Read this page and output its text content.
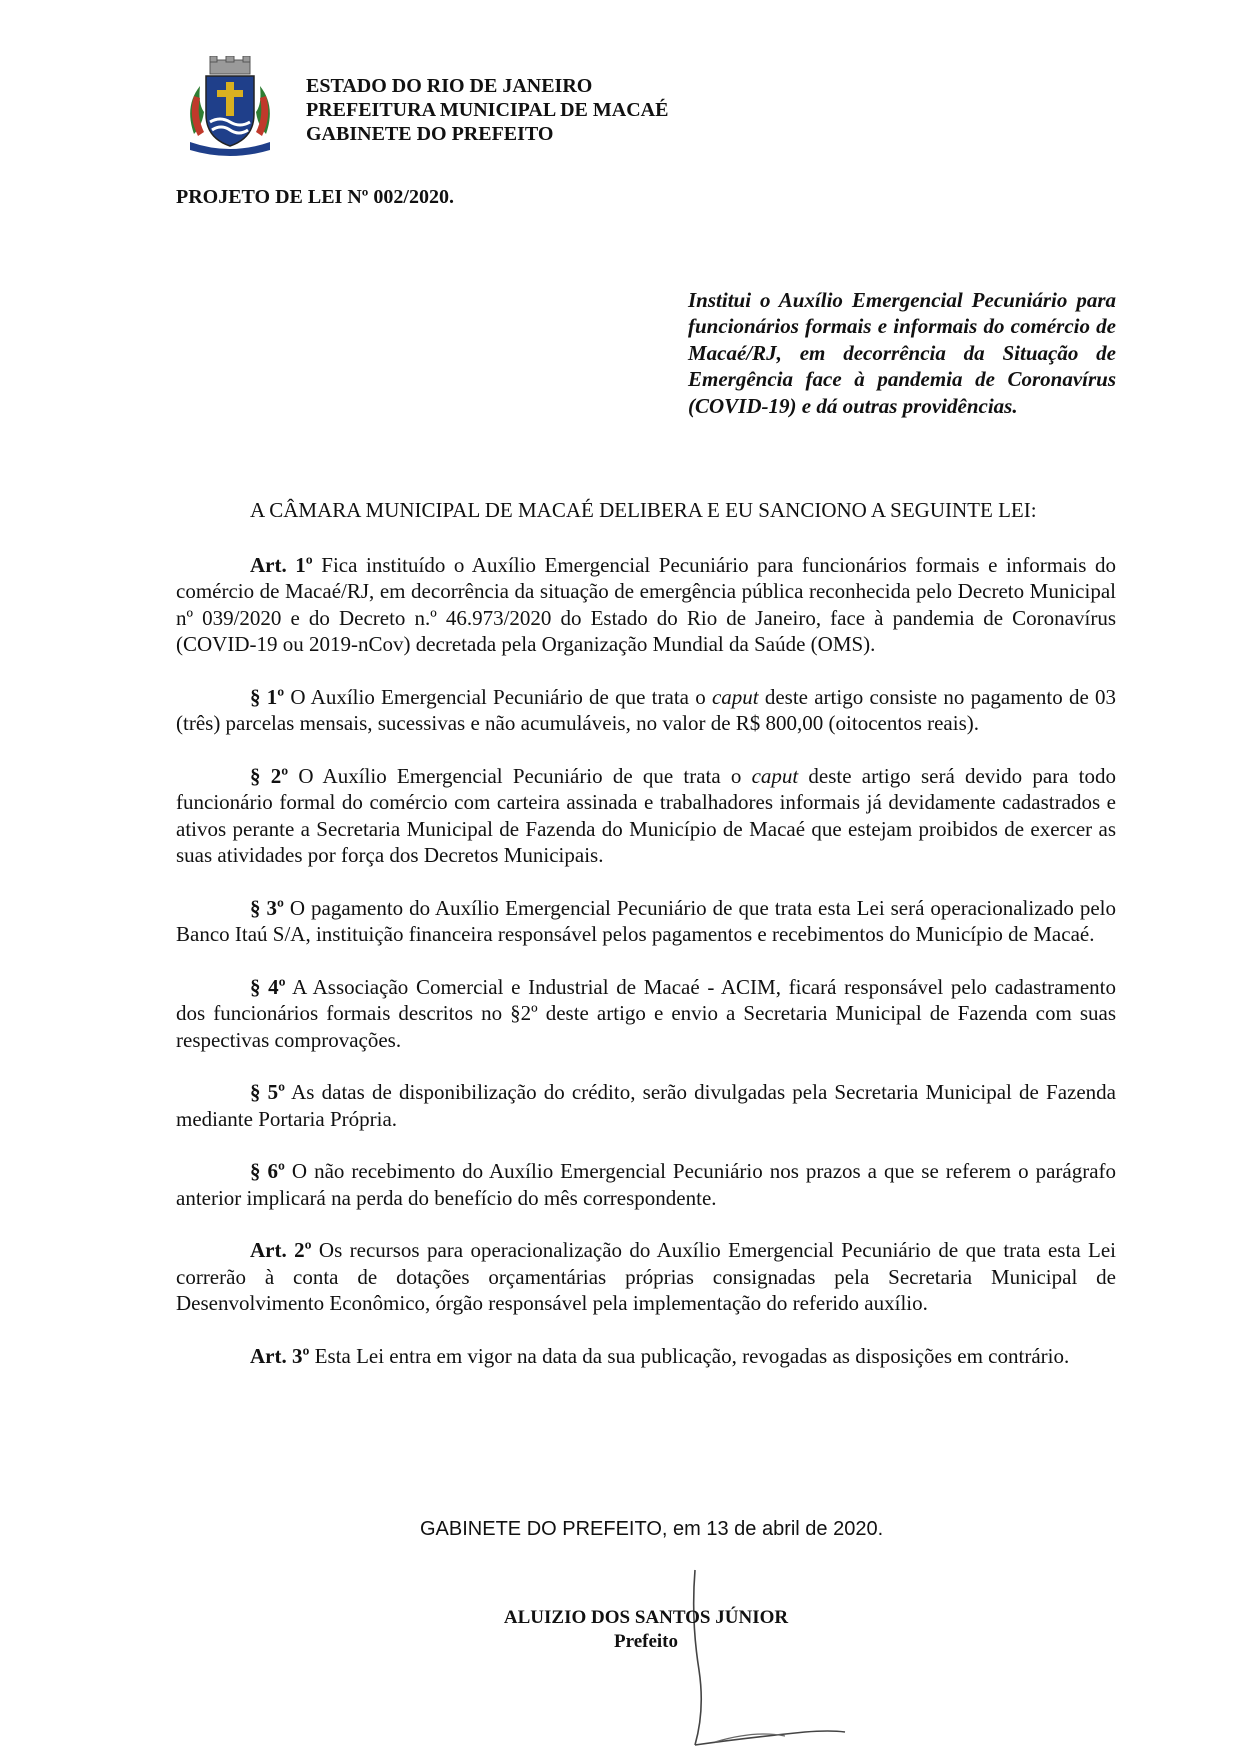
ESTADO DO RIO DE JANEIRO
PREFEITURA MUNICIPAL DE MACAÉ
GABINETE DO PREFEITO
PROJETO DE LEI Nº 002/2020.
Institui o Auxílio Emergencial Pecuniário para funcionários formais e informais do comércio de Macaé/RJ, em decorrência da Situação de Emergência face à pandemia de Coronavírus (COVID-19) e dá outras providências.

A CÂMARA MUNICIPAL DE MACAÉ DELIBERA E EU SANCIONO A SEGUINTE LEI:

Art. 1º Fica instituído o Auxílio Emergencial Pecuniário para funcionários formais e informais do comércio de Macaé/RJ, em decorrência da situação de emergência pública reconhecida pelo Decreto Municipal nº 039/2020 e do Decreto n.º 46.973/2020 do Estado do Rio de Janeiro, face à pandemia de Coronavírus (COVID-19 ou 2019-nCov) decretada pela Organização Mundial da Saúde (OMS).

§ 1º O Auxílio Emergencial Pecuniário de que trata o caput deste artigo consiste no pagamento de 03 (três) parcelas mensais, sucessivas e não acumuláveis, no valor de R$ 800,00 (oitocentos reais).

§ 2º O Auxílio Emergencial Pecuniário de que trata o caput deste artigo será devido para todo funcionário formal do comércio com carteira assinada e trabalhadores informais já devidamente cadastrados e ativos perante a Secretaria Municipal de Fazenda do Município de Macaé que estejam proibidos de exercer as suas atividades por força dos Decretos Municipais.

§ 3º O pagamento do Auxílio Emergencial Pecuniário de que trata esta Lei será operacionalizado pelo Banco Itaú S/A, instituição financeira responsável pelos pagamentos e recebimentos do Município de Macaé.

§ 4º A Associação Comercial e Industrial de Macaé - ACIM, ficará responsável pelo cadastramento dos funcionários formais descritos no §2º deste artigo e envio a Secretaria Municipal de Fazenda com suas respectivas comprovações.

§ 5º As datas de disponibilização do crédito, serão divulgadas pela Secretaria Municipal de Fazenda mediante Portaria Própria.

§ 6º O não recebimento do Auxílio Emergencial Pecuniário nos prazos a que se referem o parágrafo anterior implicará na perda do benefício do mês correspondente.

Art. 2º Os recursos para operacionalização do Auxílio Emergencial Pecuniário de que trata esta Lei correrão à conta de dotações orçamentárias próprias consignadas pela Secretaria Municipal de Desenvolvimento Econômico, órgão responsável pela implementação do referido auxílio.

Art. 3º Esta Lei entra em vigor na data da sua publicação, revogadas as disposições em contrário.

GABINETE DO PREFEITO, em 13 de abril de 2020.
ALUIZIO DOS SANTOS JÚNIOR
Prefeito
